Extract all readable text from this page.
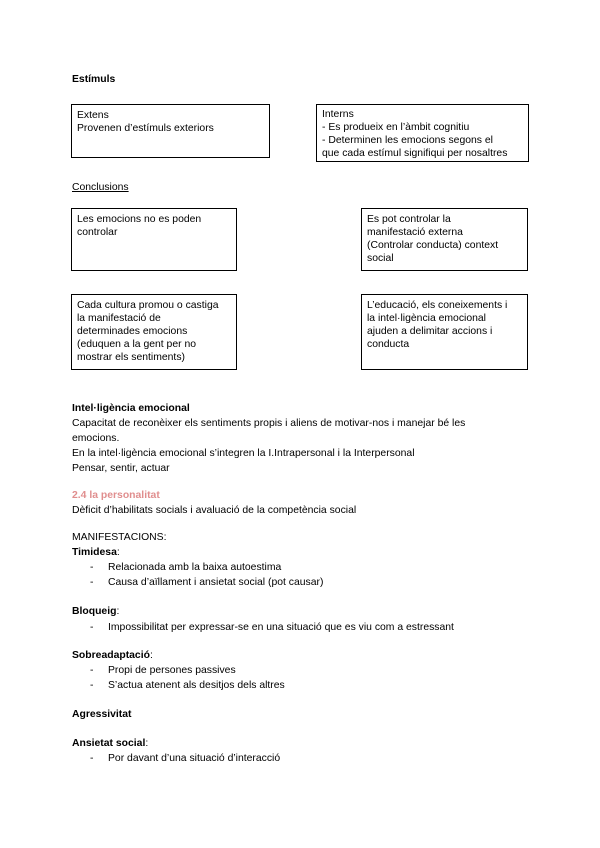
Estímuls
Extens
Provenen d’estímuls exteriors
Interns
- Es produeix en l’àmbit cognitiu
- Determinen les emocions segons el
que cada estímul signifiqui per nosaltres
Conclusions
Les emocions no es poden
controlar
Es pot controlar la
manifestació externa
(Controlar conducta) context
social
Cada cultura promou o castiga
la manifestació de
determinades emocions
(eduquen a la gent per no
mostrar els sentiments)
L’educació, els coneixements i
la intel·ligència emocional
ajuden a delimitar accions i
conducta
Intel·ligència emocional
Capacitat de reconèixer els sentiments propis i aliens de motivar-nos i manejar bé les
emocions.
En la intel·ligència emocional s’integren la I.Intrapersonal i la Interpersonal
Pensar, sentir, actuar
2.4 la personalitat
Dèficit d’habilitats socials i avaluació de la competència social
MANIFESTACIONS:
Timidesa:
- Relacionada amb la baixa autoestima
- Causa d’aïllament i ansietat social (pot causar)
Bloqueig:
- Impossibilitat per expressar-se en una situació que es viu com a estressant
Sobreadaptació:
- Propi de persones passives
- S’actua atenent als desitjos dels altres
Agressivitat
Ansietat social:
- Por davant d’una situació d’interacció
